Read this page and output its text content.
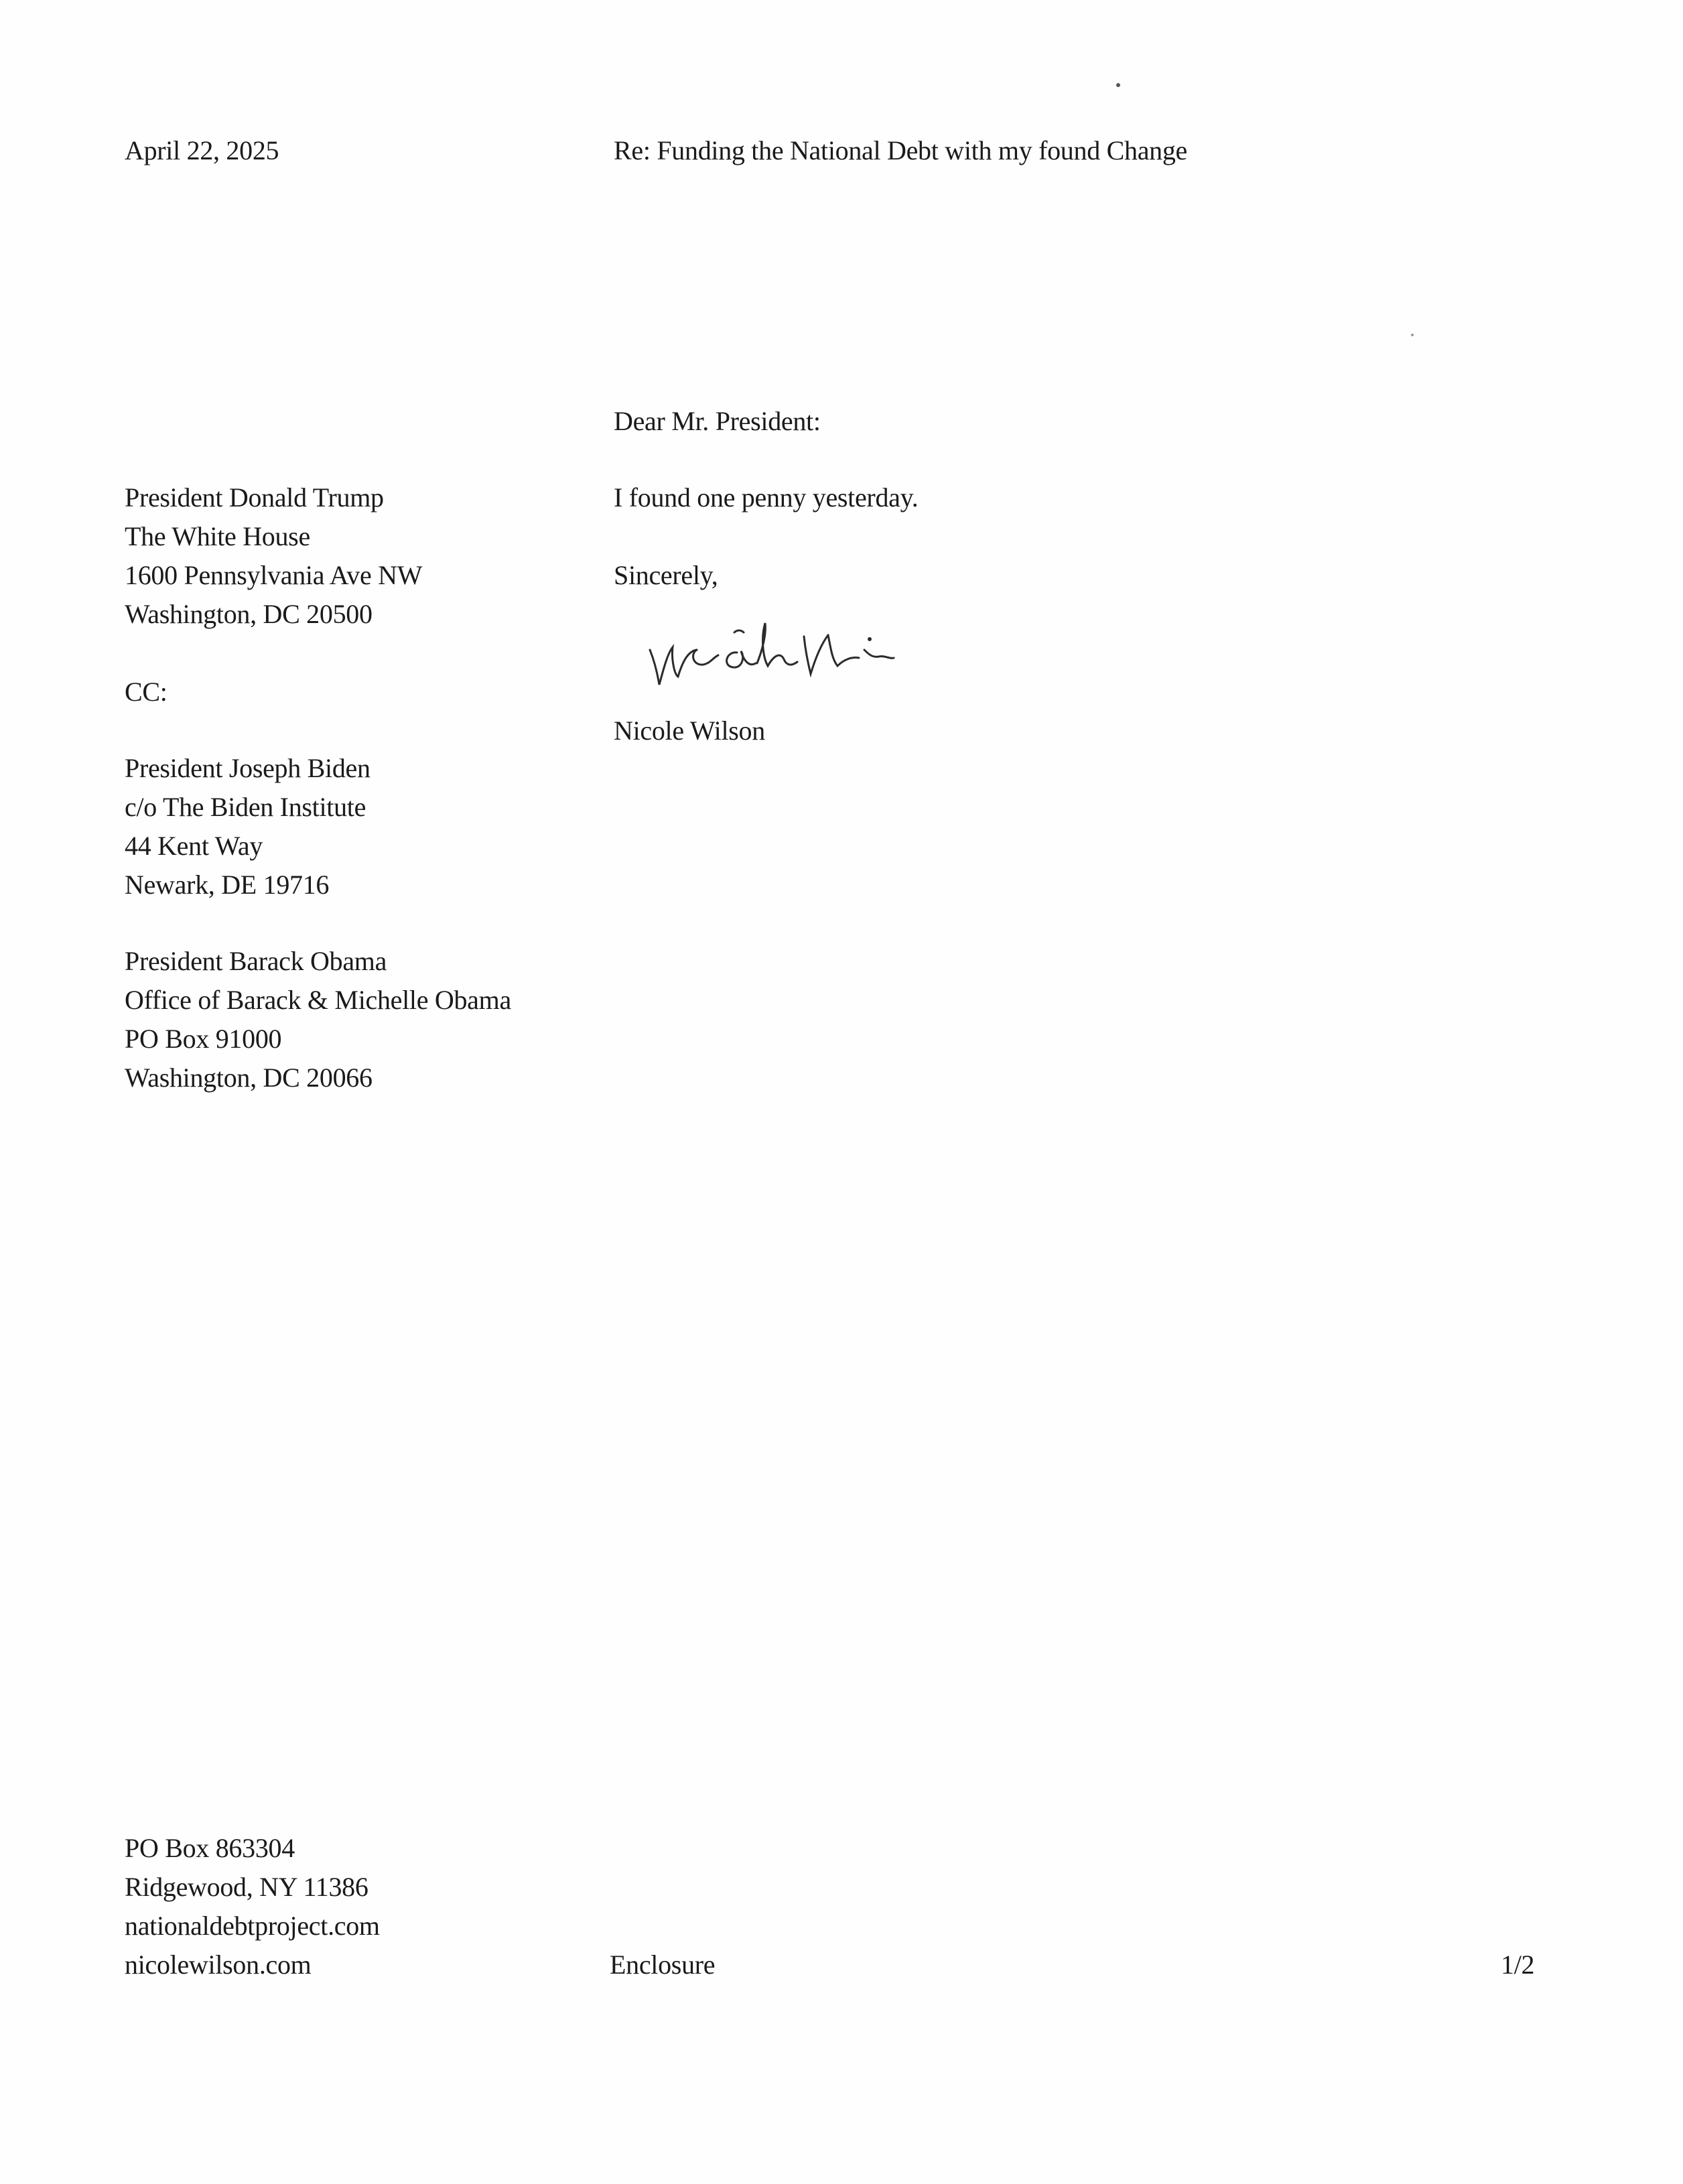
April 22, 2025	Re: Funding the National Debt with my found Change
Dear Mr. President:
President Donald Trump
The White House
1600 Pennsylvania Ave NW
Washington, DC 20500
I found one penny yesterday.
Sincerely,
CC:
Nicole Wilson
President Joseph Biden
c/o The Biden Institute
44 Kent Way
Newark, DE 19716
President Barack Obama
Office of Barack & Michelle Obama
PO Box 91000
Washington, DC 20066
PO Box 863304
Ridgewood, NY 11386
nationaldebtproject.com
nicolewilson.com	Enclosure	1/2
